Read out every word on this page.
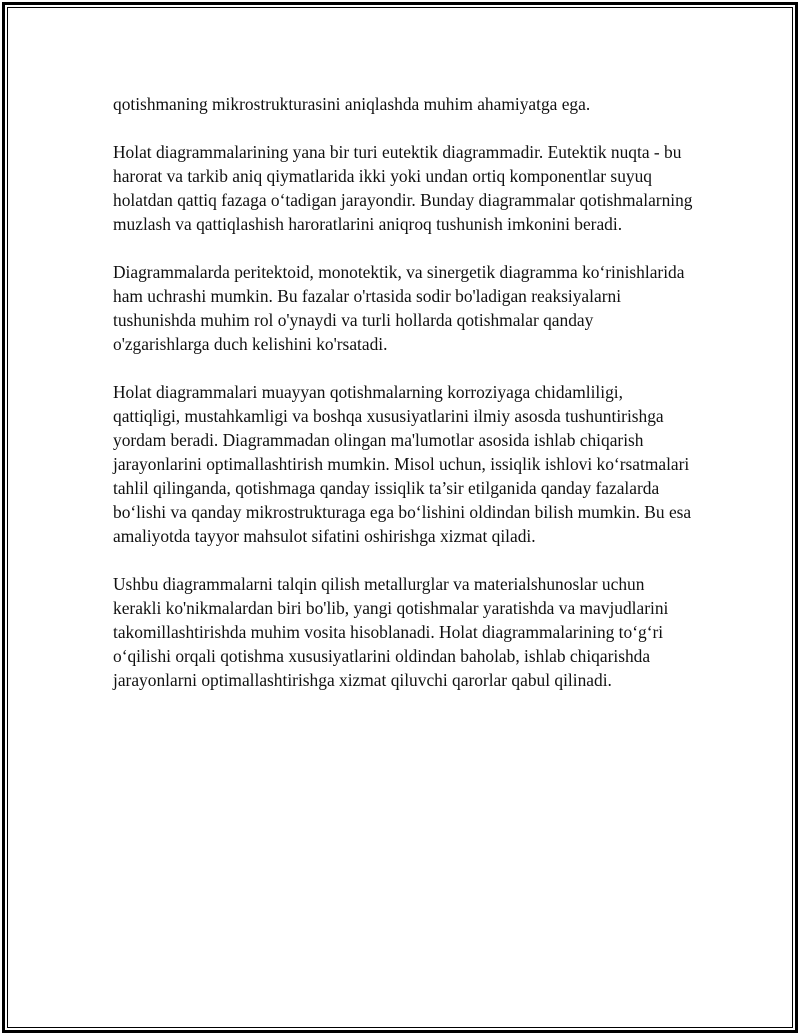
qotishmaning mikrostrukturasini aniqlashda muhim ahamiyatga ega.

Holat diagrammalarining yana bir turi eutektik diagrammadir. Eutektik nuqta - bu harorat va tarkib aniq qiymatlarida ikki yoki undan ortiq komponentlar suyuq holatdan qattiq fazaga o‘tadigan jarayondir. Bunday diagrammalar qotishmalarning muzlash va qattiqlashish haroratlarini aniqroq tushunish imkonini beradi.

Diagrammalarda peritektoid, monotektik, va sinergetik diagramma ko‘rinishlarida ham uchrashi mumkin. Bu fazalar o'rtasida sodir bo'ladigan reaksiyalarni tushunishda muhim rol o'ynaydi va turli hollarda qotishmalar qanday o'zgarishlarga duch kelishini ko'rsatadi.

Holat diagrammalari muayyan qotishmalarning korroziyaga chidamliligi, qattiqligi, mustahkamligi va boshqa xususiyatlarini ilmiy asosda tushuntirishga yordam beradi. Diagrammadan olingan ma'lumotlar asosida ishlab chiqarish jarayonlarini optimallashtirish mumkin. Misol uchun, issiqlik ishlovi ko‘rsatmalari tahlil qilinganda, qotishmaga qanday issiqlik ta’sir etilganida qanday fazalarda bo‘lishi va qanday mikrostrukturaga ega bo‘lishini oldindan bilish mumkin. Bu esa amaliyotda tayyor mahsulot sifatini oshirishga xizmat qiladi.

Ushbu diagrammalarni talqin qilish metallurglar va materialshunoslar uchun kerakli ko'nikmalardan biri bo'lib, yangi qotishmalar yaratishda va mavjudlarini takomillashtirishda muhim vosita hisoblanadi. Holat diagrammalarining to‘g‘ri o‘qilishi orqali qotishma xususiyatlarini oldindan baholab, ishlab chiqarishda jarayonlarni optimallashtirishga xizmat qiluvchi qarorlar qabul qilinadi.
